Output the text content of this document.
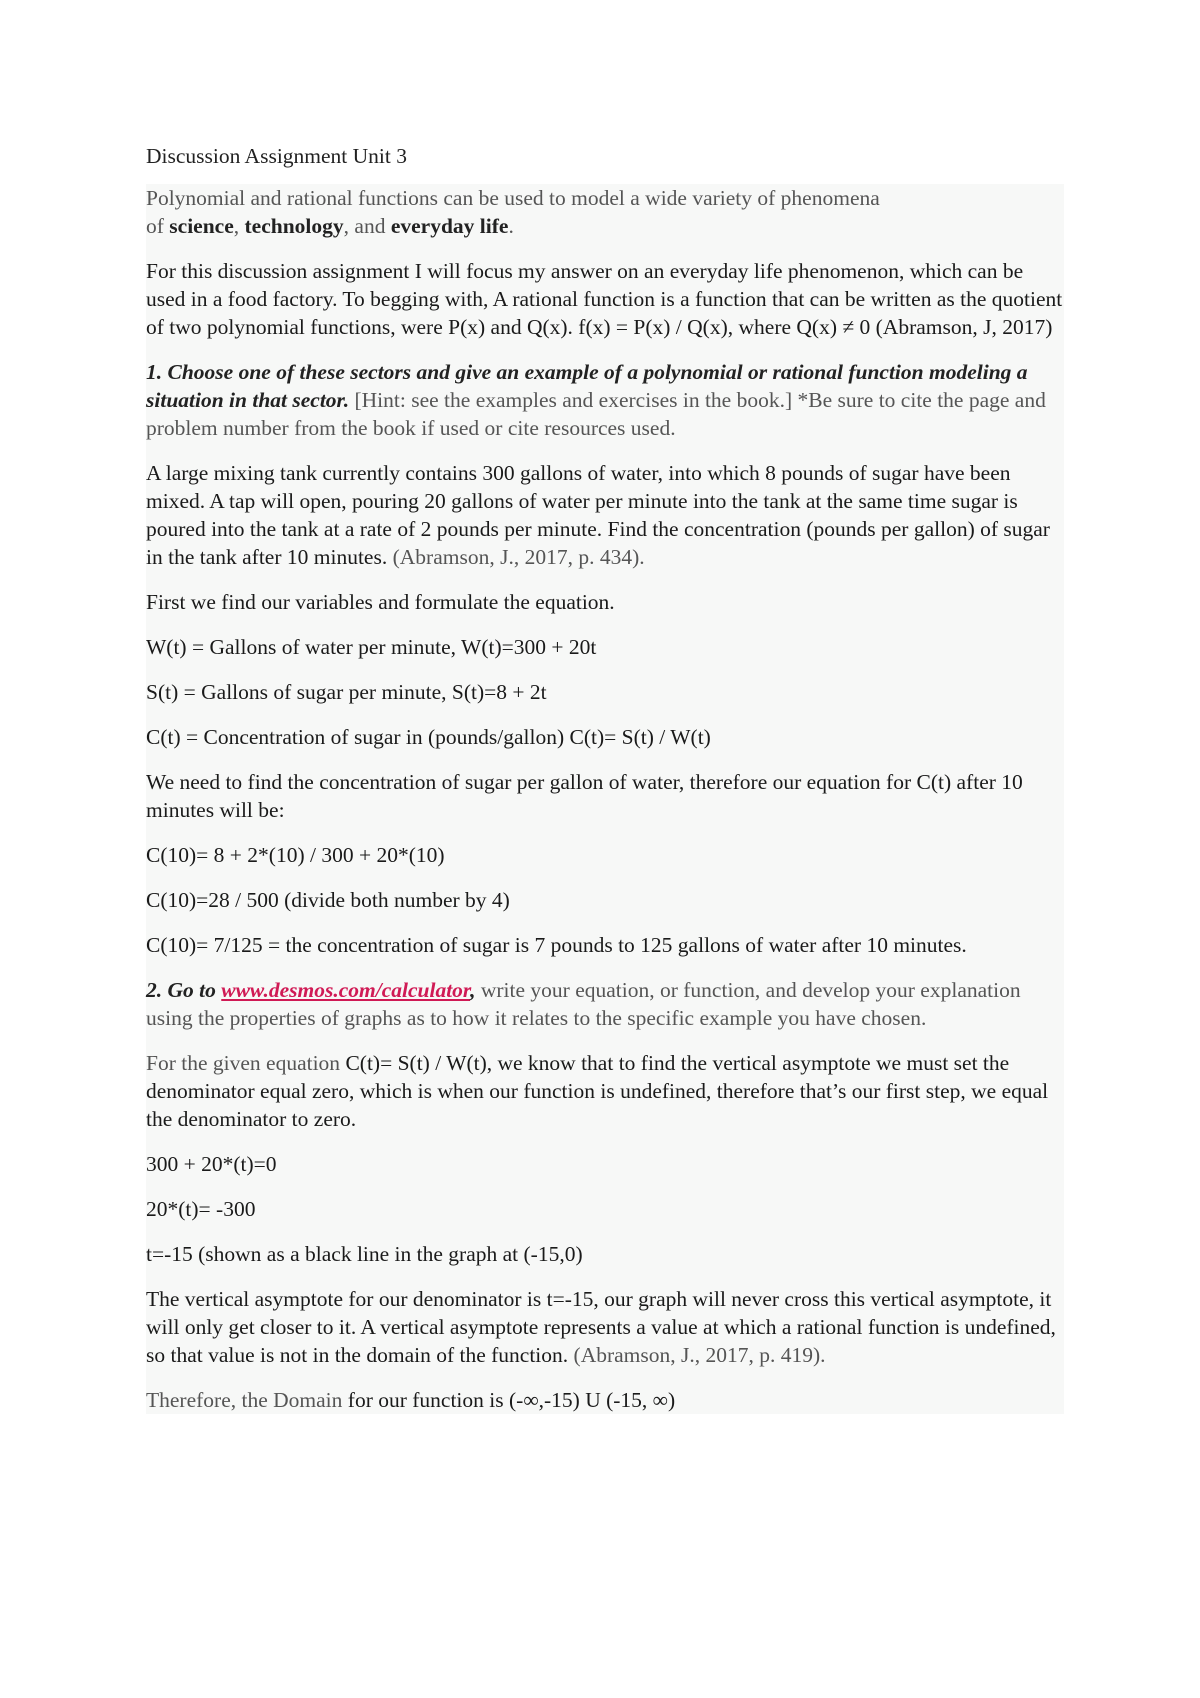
Discussion Assignment Unit 3

Polynomial and rational functions can be used to model a wide variety of phenomena
of science, technology, and everyday life.

For this discussion assignment I will focus my answer on an everyday life phenomenon, which can be used in a food factory. To begging with, A rational function is a function that can be written as the quotient of two polynomial functions, were P(x) and Q(x). f(x) = P(x) / Q(x), where Q(x) ≠ 0 (Abramson, J, 2017)

1. Choose one of these sectors and give an example of a polynomial or rational function modeling a situation in that sector. [Hint: see the examples and exercises in the book.] *Be sure to cite the page and problem number from the book if used or cite resources used.

A large mixing tank currently contains 300 gallons of water, into which 8 pounds of sugar have been mixed. A tap will open, pouring 20 gallons of water per minute into the tank at the same time sugar is poured into the tank at a rate of 2 pounds per minute. Find the concentration (pounds per gallon) of sugar in the tank after 10 minutes. (Abramson, J., 2017, p. 434).

First we find our variables and formulate the equation.

W(t) = Gallons of water per minute, W(t)=300 + 20t

S(t) = Gallons of sugar per minute, S(t)=8 + 2t

C(t) = Concentration of sugar in (pounds/gallon) C(t)= S(t) / W(t)

We need to find the concentration of sugar per gallon of water, therefore our equation for C(t) after 10 minutes will be:

C(10)= 8 + 2*(10) / 300 + 20*(10)

C(10)=28 / 500 (divide both number by 4)

C(10)= 7/125 = the concentration of sugar is 7 pounds to 125 gallons of water after 10 minutes.

2. Go to www.desmos.com/calculator, write your equation, or function, and develop your explanation using the properties of graphs as to how it relates to the specific example you have chosen.

For the given equation C(t)= S(t) / W(t), we know that to find the vertical asymptote we must set the denominator equal zero, which is when our function is undefined, therefore that’s our first step, we equal the denominator to zero.

300 + 20*(t)=0

20*(t)= -300

t=-15 (shown as a black line in the graph at (-15,0)

The vertical asymptote for our denominator is t=-15, our graph will never cross this vertical asymptote, it will only get closer to it. A vertical asymptote represents a value at which a rational function is undefined, so that value is not in the domain of the function. (Abramson, J., 2017, p. 419).

Therefore, the Domain for our function is (-∞,-15) U (-15, ∞)
